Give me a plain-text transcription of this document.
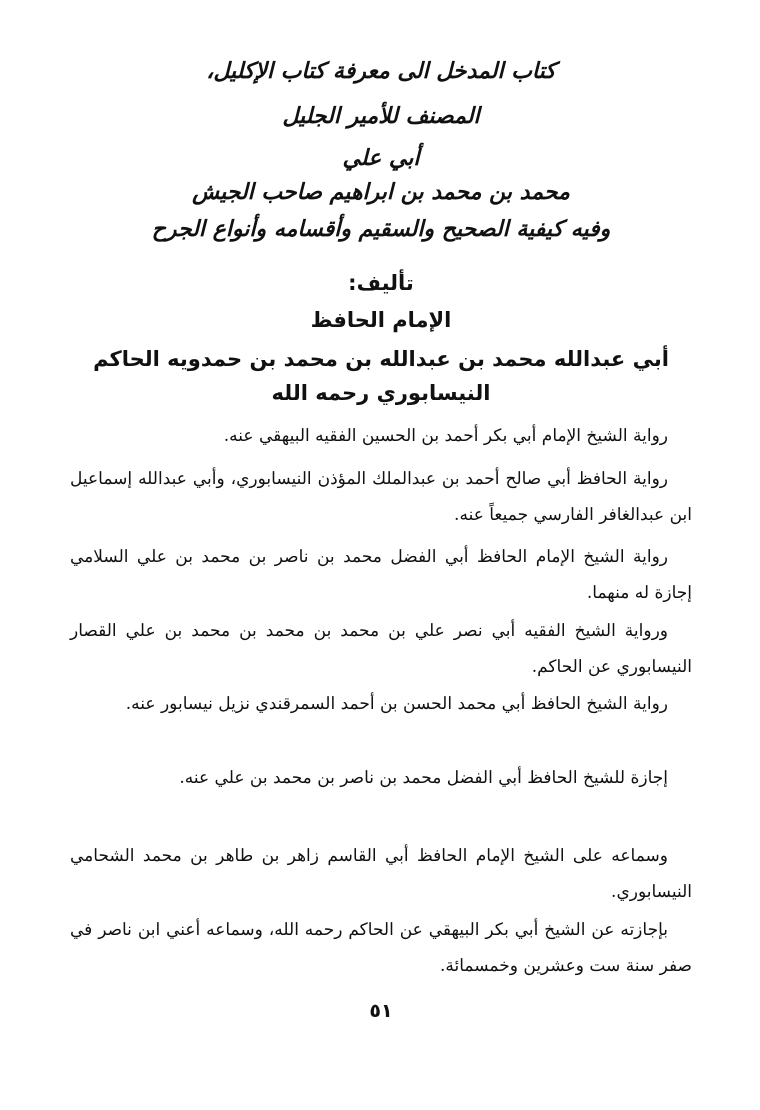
كتاب المدخل الى معرفة كتاب الإكليل،

المصنف للأمير الجليل

أبي علي

محمد بن محمد بن ابراهيم صاحب الجيش

وفيه كيفية الصحيح والسقيم وأقسامه وأنواع الجرح

تأليف:

الإمام الحافظ

أبي عبدالله محمد بن عبدالله بن محمد بن حمدويه الحاكم

النيسابوري رحمه الله

رواية الشيخ الإمام أبي بكر أحمد بن الحسين الفقيه البيهقي عنه.

رواية الحافظ أبي صالح أحمد بن عبدالملك المؤذن النيسابوري، وأبي عبدالله إسماعيل ابن عبدالغافر الفارسي جميعاً عنه.

رواية الشيخ الإمام الحافظ أبي الفضل محمد بن ناصر بن محمد بن علي السلامي إجازة له منهما.

ورواية الشيخ الفقيه أبي نصر علي بن محمد بن محمد بن محمد بن علي القصار النيسابوري عن الحاكم.

رواية الشيخ الحافظ أبي محمد الحسن بن أحمد السمرقندي نزيل نيسابور عنه.

إجازة للشيخ الحافظ أبي الفضل محمد بن ناصر بن محمد بن علي عنه.

وسماعه على الشيخ الإمام الحافظ أبي القاسم زاهر بن طاهر بن محمد الشحامي النيسابوري.

بإجازته عن الشيخ أبي بكر البيهقي عن الحاكم رحمه الله، وسماعه أعني ابن ناصر في صفر سنة ست وعشرين وخمسمائة.

٥١
